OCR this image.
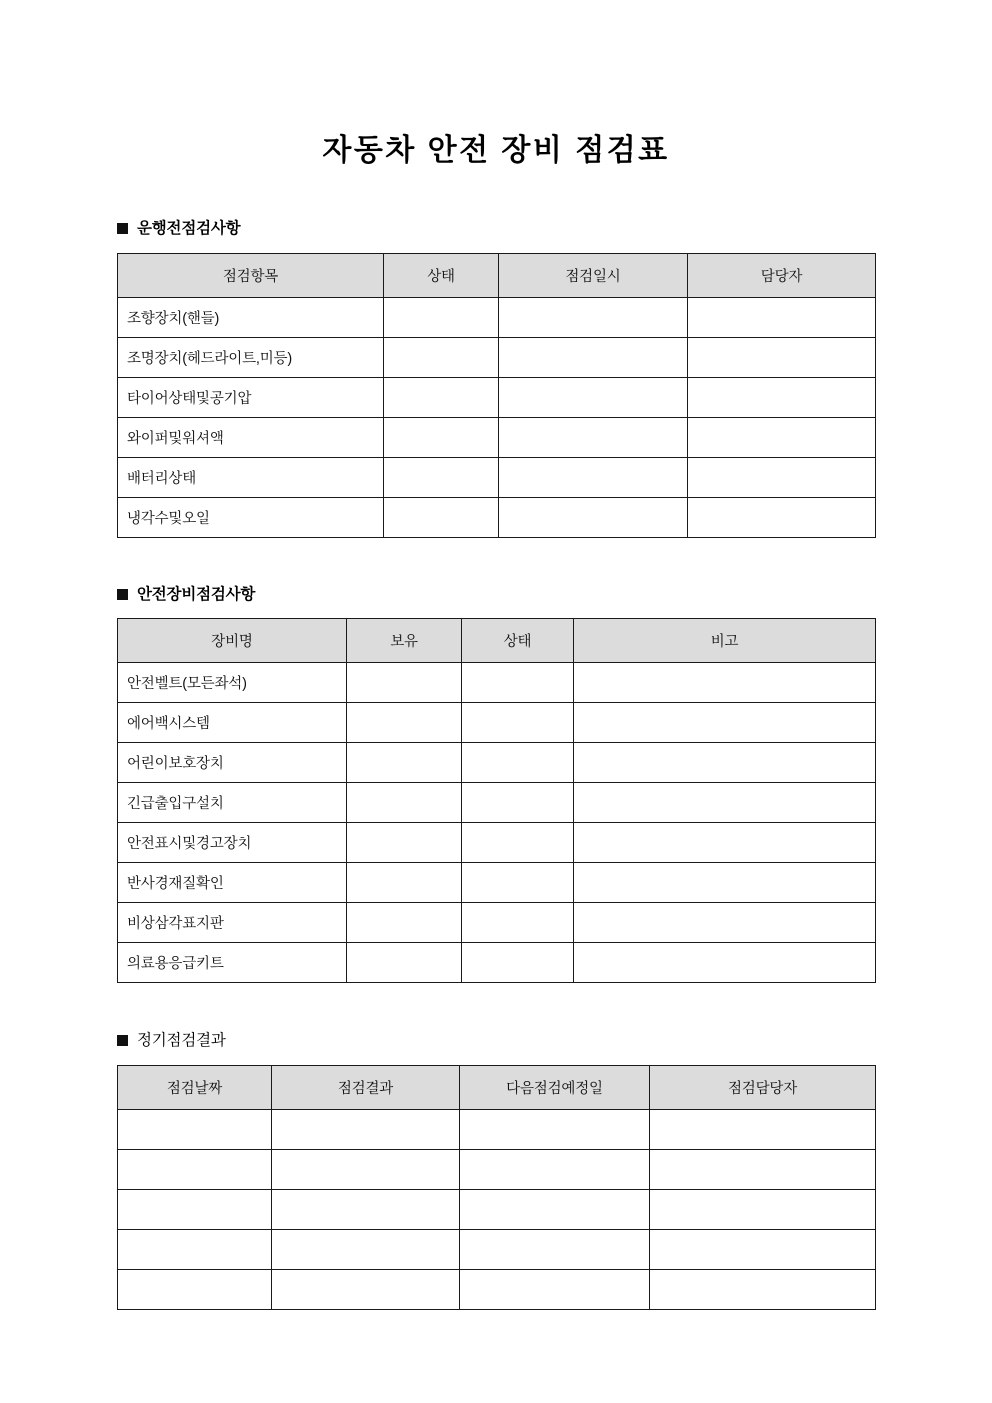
자동차 안전 장비 점검표
운행전점검사항
점검항목	상태	점검일시	담당자
조향장치(핸들)			
조명장치(헤드라이트,미등)			
타이어상태및공기압			
와이퍼및워셔액			
배터리상태			
냉각수및오일			
안전장비점검사항
장비명	보유	상태	비고
안전벨트(모든좌석)			
에어백시스템			
어린이보호장치			
긴급출입구설치			
안전표시및경고장치			
반사경재질확인			
비상삼각표지판			
의료용응급키트			
정기점검결과
점검날짜	점검결과	다음점검예정일	점검담당자
